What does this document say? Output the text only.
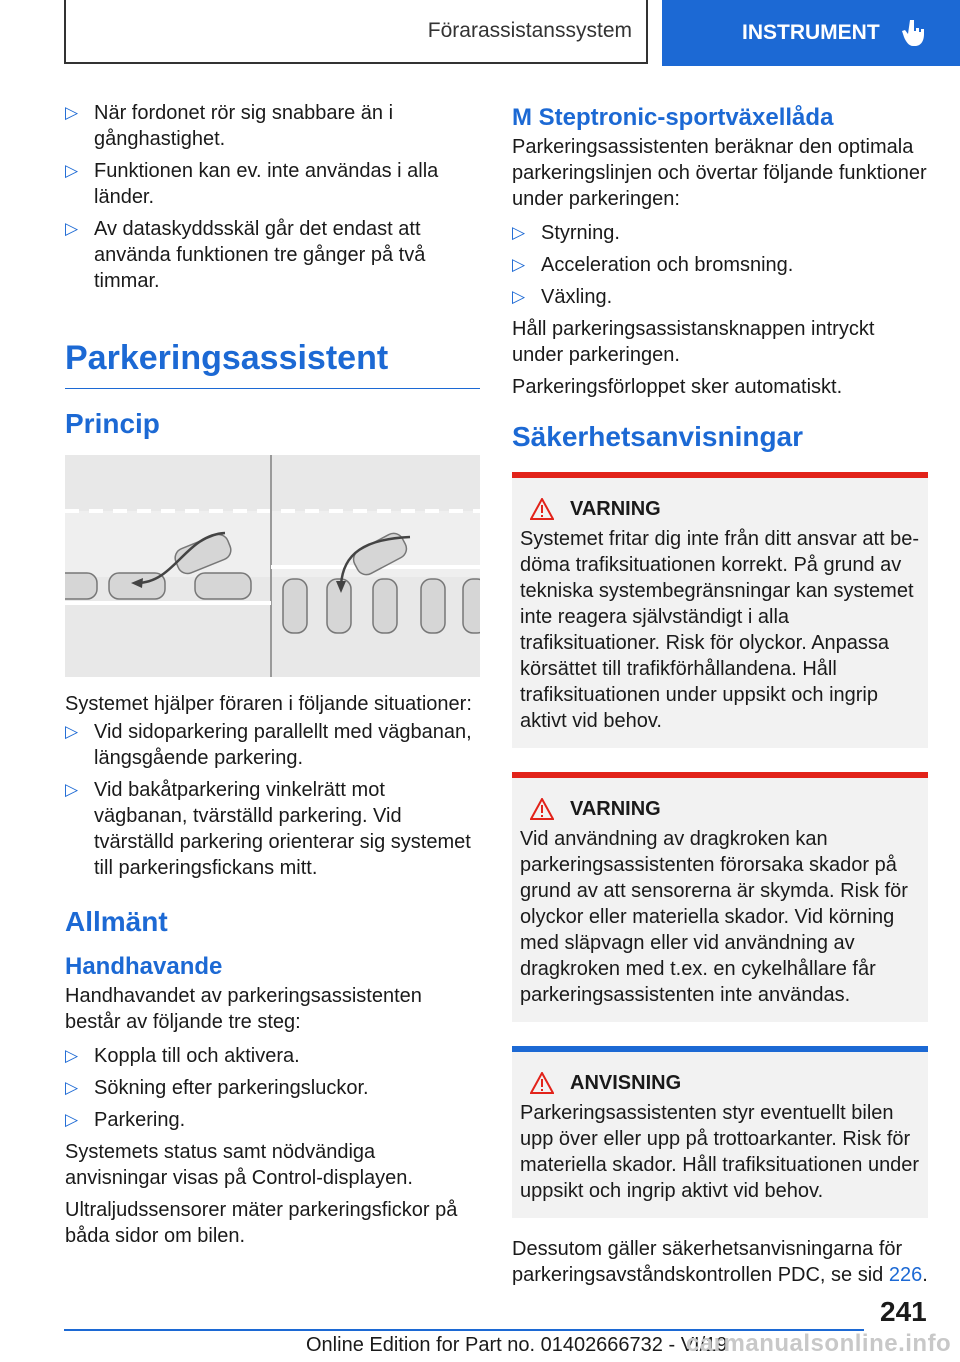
Förarassistanssystem	INSTRUMENT
▷ När fordonet rör sig snabbare än i gånghastighet.
▷ Funktionen kan ev. inte användas i alla länder.
▷ Av dataskyddsskäl går det endast att använda funktionen tre gånger på två timmar.
Parkeringsassistent
Princip

Systemet hjälper föraren i följande situationer:

▷ Vid sidoparkering parallellt med vägbanan, längsgående parkering.
▷ Vid bakåtparkering vinkelrätt mot vägbanan, tvärställd parkering. Vid tvärställd parkering orienterar sig systemet till parkeringsfickans mitt.
Allmänt
Handhavande

Handhavandet av parkeringsassistenten består av följande tre steg:

▷ Koppla till och aktivera.
▷ Sökning efter parkeringsluckor.
▷ Parkering.

Systemets status samt nödvändiga anvisningar visas på Control-displayen.

Ultraljudssensorer mäter parkeringsfickor på båda sidor om bilen.

M Steptronic-sportväxellåda

Parkeringsassistenten beräknar den optimala parkeringslinjen och övertar följande funktioner under parkeringen:

▷ Styrning.
▷ Acceleration och bromsning.
▷ Växling.

Håll parkeringsassistansknappen intryckt under parkeringen.

Parkeringsförloppet sker automatiskt.

Säkerhetsanvisningar
VARNING

Systemet fritar dig inte från ditt ansvar att bedöma trafiksituationen korrekt. På grund av tekniska systembegränsningar kan systemet inte reagera självständigt i alla trafiksituationer. Risk för olyckor. Anpassa körsättet till trafikförhållandena. Håll trafiksituationen under uppsikt och ingrip aktivt vid behov.

VARNING

Vid användning av dragkroken kan parkeringsassistenten förorsaka skador på grund av att sensorerna är skymda. Risk för olyckor eller materiella skador. Vid körning med släpvagn eller vid användning av dragkroken med t.ex. en cykelhållare får parkeringsassistenten inte användas.

ANVISNING

Parkeringsassistenten styr eventuellt bilen upp över eller upp på trottoarkanter. Risk för materiella skador. Håll trafiksituationen under uppsikt och ingrip aktivt vid behov.

Dessutom gäller säkerhetsanvisningarna för parkeringsavståndskontrollen PDC, se sid 226.

241
Online Edition for Part no. 01402666732 - VI/19
carmanualsonline.info
